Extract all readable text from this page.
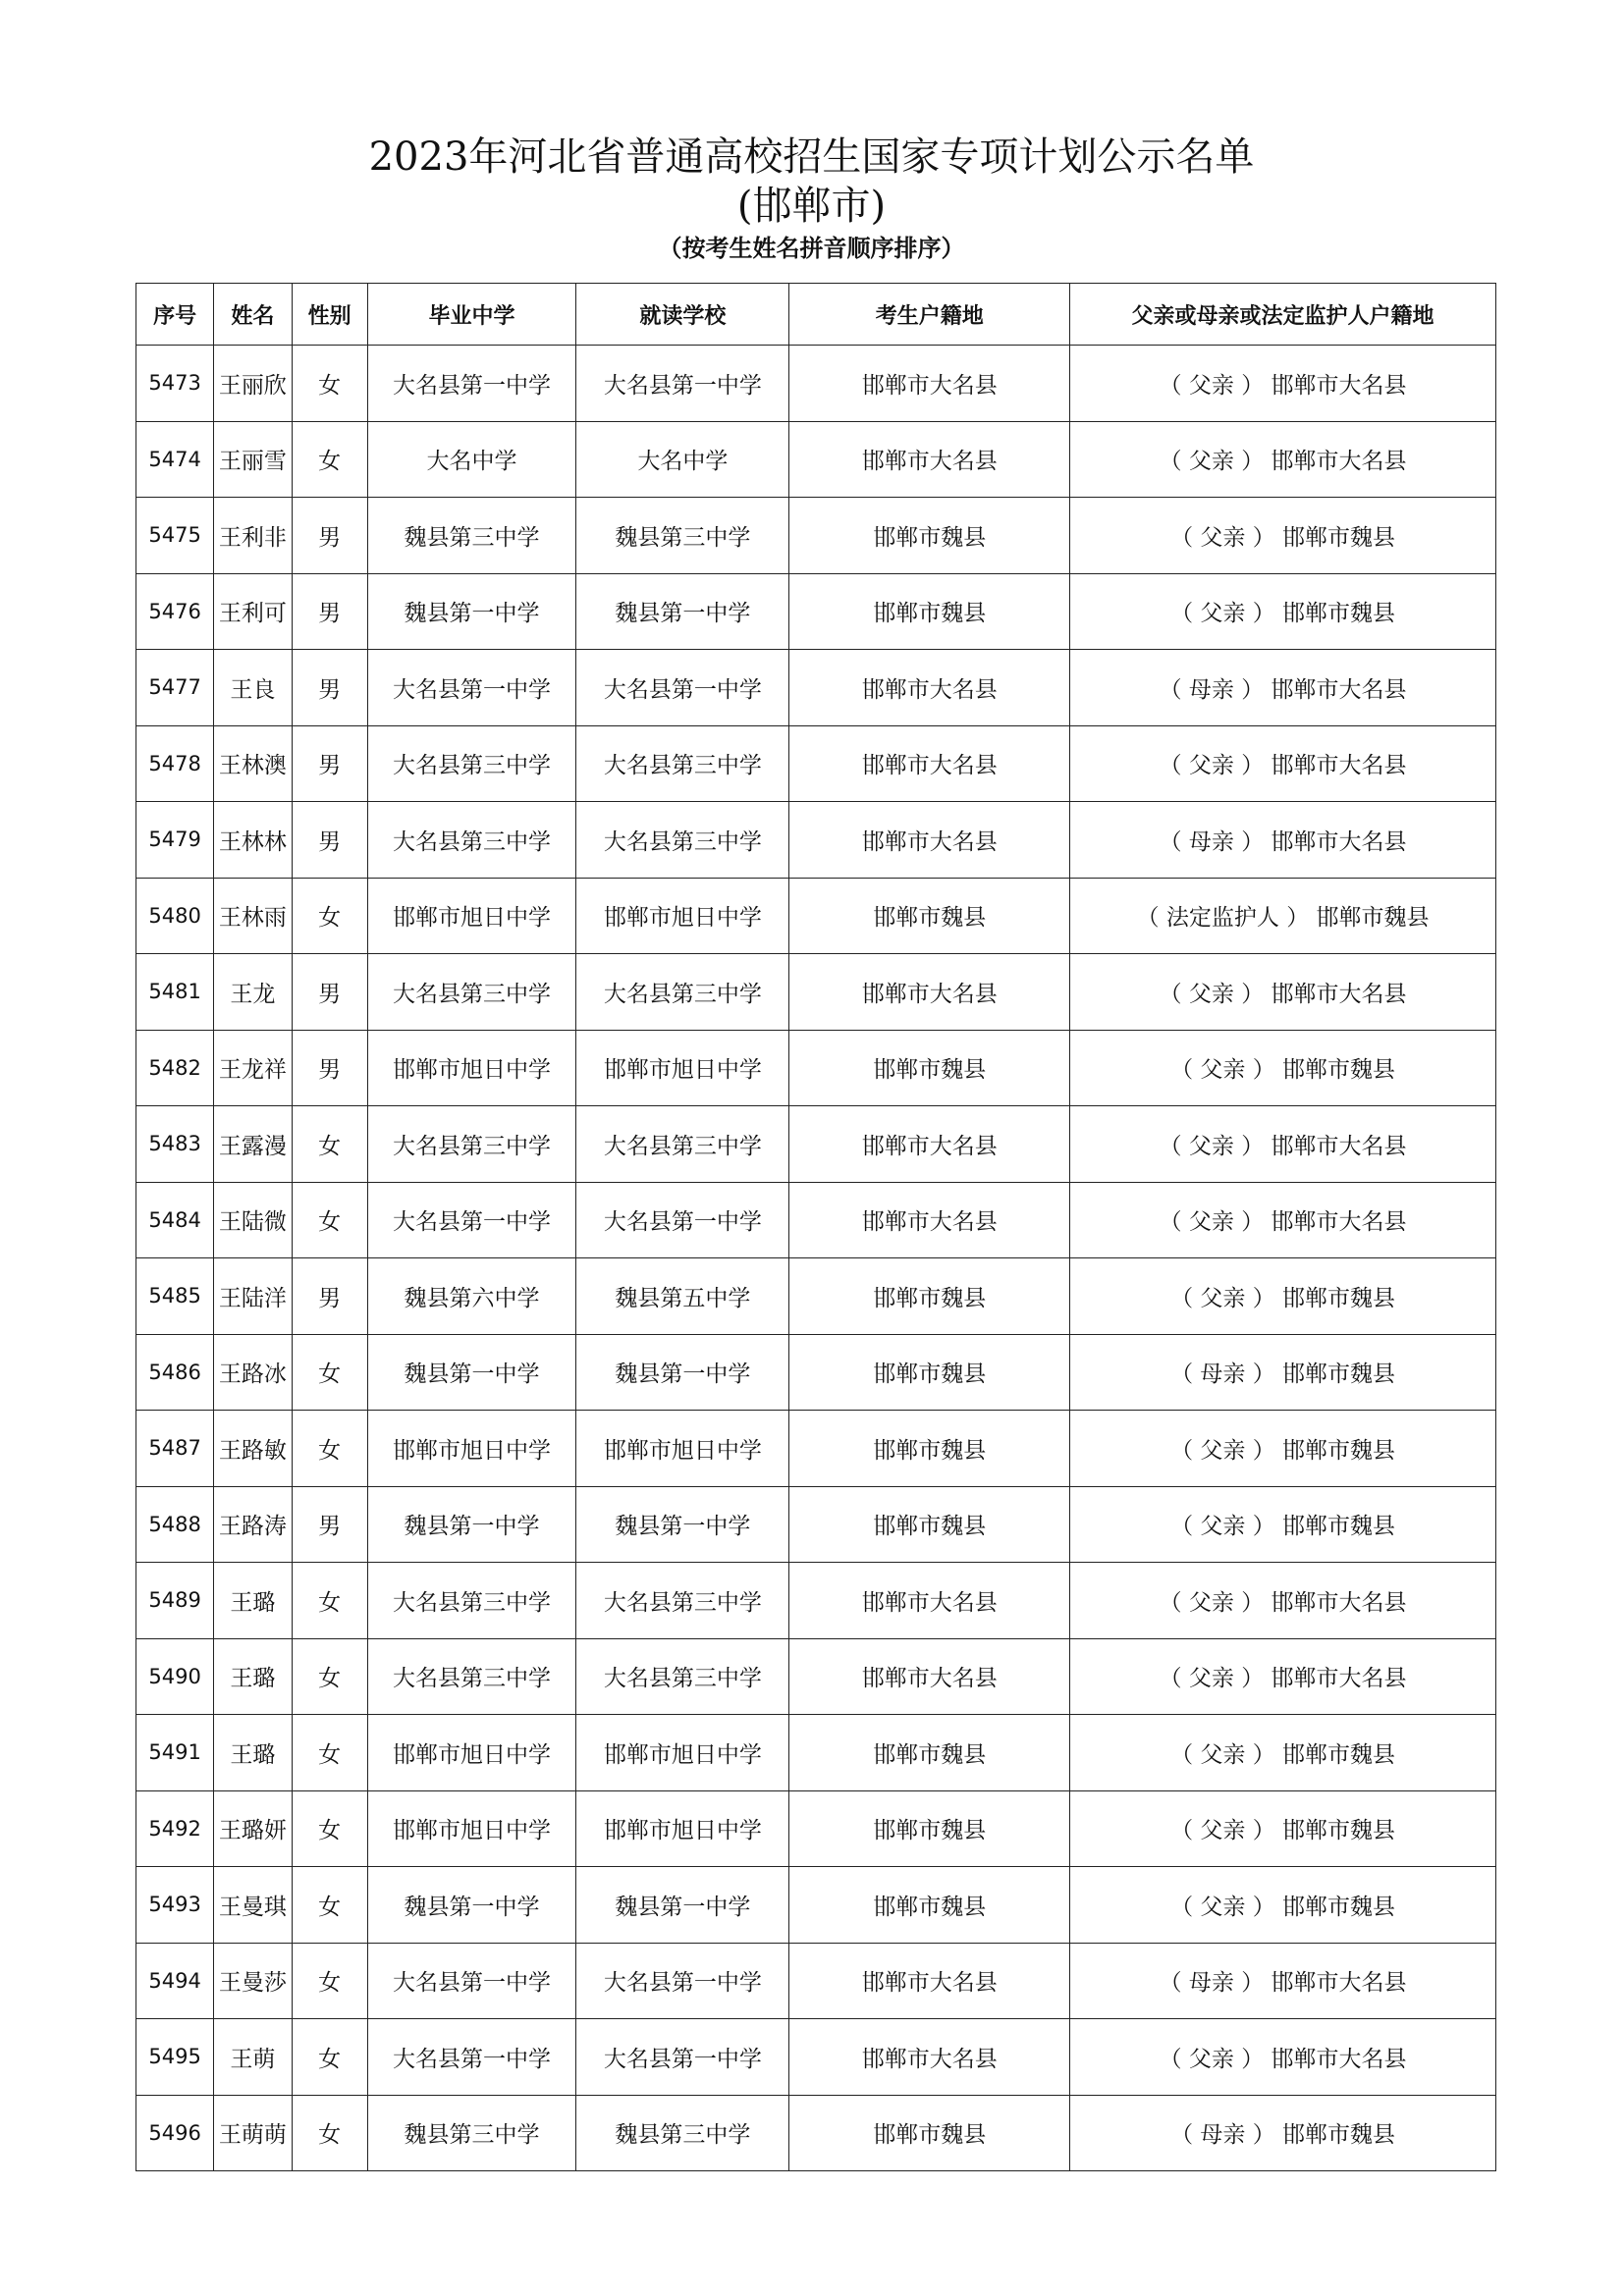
2023年河北省普通高校招生国家专项计划公示名单
(邯郸市)
（按考生姓名拼音顺序排序）
序号	姓名	性别	毕业中学	就读学校	考生户籍地	父亲或母亲或法定监护人户籍地
5473	王丽欣	女	大名县第一中学	大名县第一中学	邯郸市大名县	（ 父亲 ） 邯郸市大名县
5474	王丽雪	女	大名中学	大名中学	邯郸市大名县	（ 父亲 ） 邯郸市大名县
5475	王利非	男	魏县第三中学	魏县第三中学	邯郸市魏县	（ 父亲 ） 邯郸市魏县
5476	王利可	男	魏县第一中学	魏县第一中学	邯郸市魏县	（ 父亲 ） 邯郸市魏县
5477	王良	男	大名县第一中学	大名县第一中学	邯郸市大名县	（ 母亲 ） 邯郸市大名县
5478	王林澳	男	大名县第三中学	大名县第三中学	邯郸市大名县	（ 父亲 ） 邯郸市大名县
5479	王林林	男	大名县第三中学	大名县第三中学	邯郸市大名县	（ 母亲 ） 邯郸市大名县
5480	王林雨	女	邯郸市旭日中学	邯郸市旭日中学	邯郸市魏县	（ 法定监护人 ） 邯郸市魏县
5481	王龙	男	大名县第三中学	大名县第三中学	邯郸市大名县	（ 父亲 ） 邯郸市大名县
5482	王龙祥	男	邯郸市旭日中学	邯郸市旭日中学	邯郸市魏县	（ 父亲 ） 邯郸市魏县
5483	王露漫	女	大名县第三中学	大名县第三中学	邯郸市大名县	（ 父亲 ） 邯郸市大名县
5484	王陆微	女	大名县第一中学	大名县第一中学	邯郸市大名县	（ 父亲 ） 邯郸市大名县
5485	王陆洋	男	魏县第六中学	魏县第五中学	邯郸市魏县	（ 父亲 ） 邯郸市魏县
5486	王路冰	女	魏县第一中学	魏县第一中学	邯郸市魏县	（ 母亲 ） 邯郸市魏县
5487	王路敏	女	邯郸市旭日中学	邯郸市旭日中学	邯郸市魏县	（ 父亲 ） 邯郸市魏县
5488	王路涛	男	魏县第一中学	魏县第一中学	邯郸市魏县	（ 父亲 ） 邯郸市魏县
5489	王璐	女	大名县第三中学	大名县第三中学	邯郸市大名县	（ 父亲 ） 邯郸市大名县
5490	王璐	女	大名县第三中学	大名县第三中学	邯郸市大名县	（ 父亲 ） 邯郸市大名县
5491	王璐	女	邯郸市旭日中学	邯郸市旭日中学	邯郸市魏县	（ 父亲 ） 邯郸市魏县
5492	王璐妍	女	邯郸市旭日中学	邯郸市旭日中学	邯郸市魏县	（ 父亲 ） 邯郸市魏县
5493	王曼琪	女	魏县第一中学	魏县第一中学	邯郸市魏县	（ 父亲 ） 邯郸市魏县
5494	王曼莎	女	大名县第一中学	大名县第一中学	邯郸市大名县	（ 母亲 ） 邯郸市大名县
5495	王萌	女	大名县第一中学	大名县第一中学	邯郸市大名县	（ 父亲 ） 邯郸市大名县
5496	王萌萌	女	魏县第三中学	魏县第三中学	邯郸市魏县	（ 母亲 ） 邯郸市魏县
